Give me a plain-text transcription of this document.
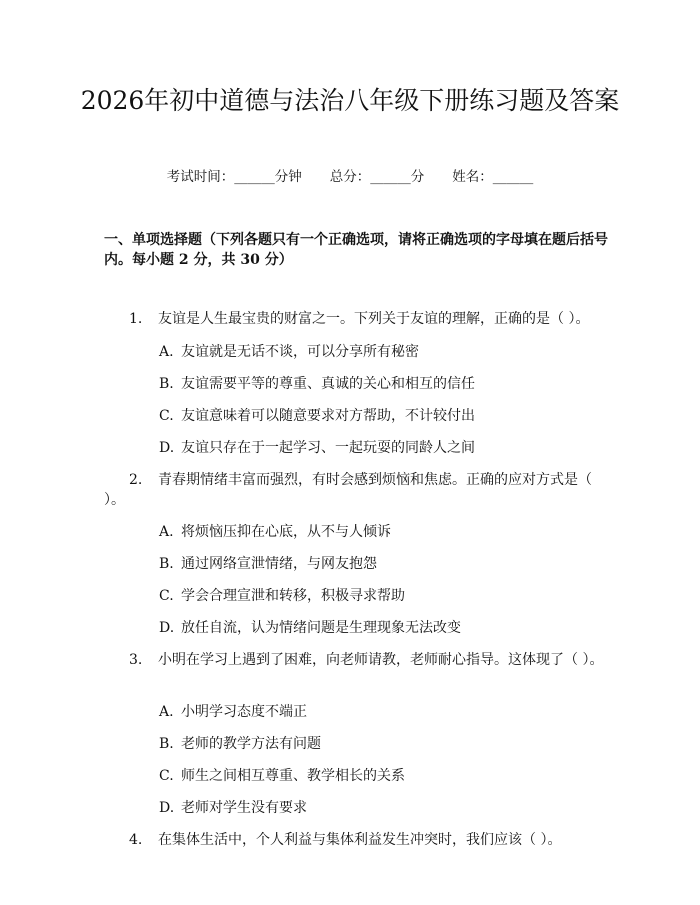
2026年初中道德与法治八年级下册练习题及答案
考试时间：______分钟 总分：______分 姓名：______
一、单项选择题（下列各题只有一个正确选项，请将正确选项的字母填在题后括号内。每小题 2 分，共 30 分）
1. 友谊是人生最宝贵的财富之一。下列关于友谊的理解，正确的是（ ）。
A. 友谊就是无话不谈，可以分享所有秘密
B. 友谊需要平等的尊重、真诚的关心和相互的信任
C. 友谊意味着可以随意要求对方帮助，不计较付出
D. 友谊只存在于一起学习、一起玩耍的同龄人之间
2. 青春期情绪丰富而强烈，有时会感到烦恼和焦虑。正确的应对方式是（ ）。
A. 将烦恼压抑在心底，从不与人倾诉
B. 通过网络宣泄情绪，与网友抱怨
C. 学会合理宣泄和转移，积极寻求帮助
D. 放任自流，认为情绪问题是生理现象无法改变
3. 小明在学习上遇到了困难，向老师请教，老师耐心指导。这体现了（ ）。
A. 小明学习态度不端正
B. 老师的教学方法有问题
C. 师生之间相互尊重、教学相长的关系
D. 老师对学生没有要求
4. 在集体生活中，个人利益与集体利益发生冲突时，我们应该（ ）。
